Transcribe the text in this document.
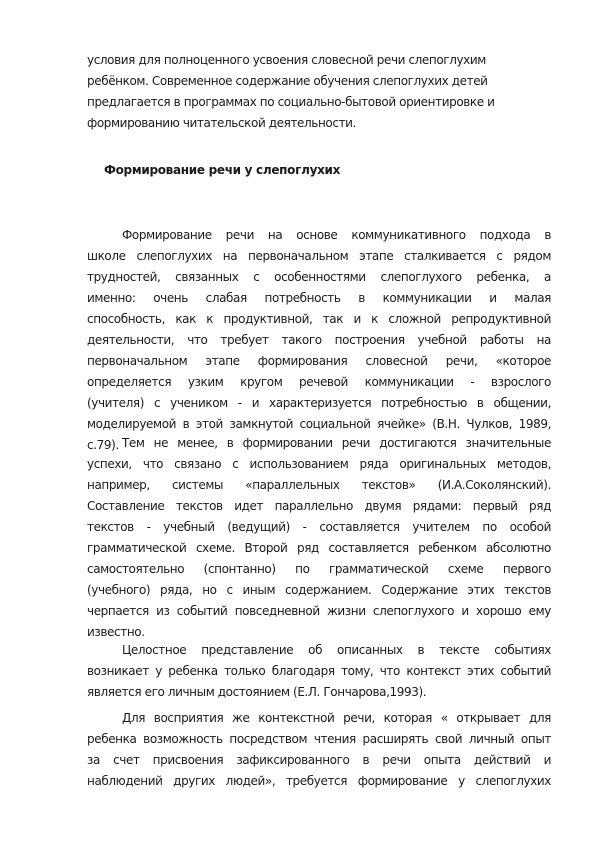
условия для полноценного усвоения словесной речи слепоглухим
ребёнком. Современное содержание обучения слепоглухих детей
предлагается в программах по социально-бытовой ориентировке и
формированию читательской деятельности.
Формирование речи у слепоглухих
Формирование речи на основе коммуникативного подхода в
школе слепоглухих на первоначальном этапе сталкивается с рядом
трудностей, связанных с особенностями слепоглухого ребенка, а
именно: очень слабая потребность в коммуникации и малая
способность, как к продуктивной, так и к сложной репродуктивной
деятельности, что требует такого построения учебной работы на
первоначальном этапе формирования словесной речи, «которое
определяется узким кругом речевой коммуникации - взрослого
(учителя) с учеником - и характеризуется потребностью в общении,
моделируемой в этой замкнутой социальной ячейке» (В.Н. Чулков, 1989,
с.79). Тем не менее, в формировании речи достигаются значительные
успехи, что связано с использованием ряда оригинальных методов,
например, системы «параллельных текстов» (И.А.Соколянский).
Составление текстов идет параллельно двумя рядами: первый ряд
текстов - учебный (ведущий) - составляется учителем по особой
грамматической схеме. Второй ряд составляется ребенком абсолютно
самостоятельно (спонтанно) по грамматической схеме первого
(учебного) ряда, но с иным содержанием. Содержание этих текстов
черпается из событий повседневной жизни слепоглухого и хорошо ему
известно.
Целостное представление об описанных в тексте событиях
возникает у ребенка только благодаря тому, что контекст этих событий
является его личным достоянием (Е.Л. Гончарова,1993).
Для восприятия же контекстной речи, которая « открывает для
ребенка возможность посредством чтения расширять свой личный опыт
за счет присвоения зафиксированного в речи опыта действий и
наблюдений других людей», требуется формирование у слепоглухих
